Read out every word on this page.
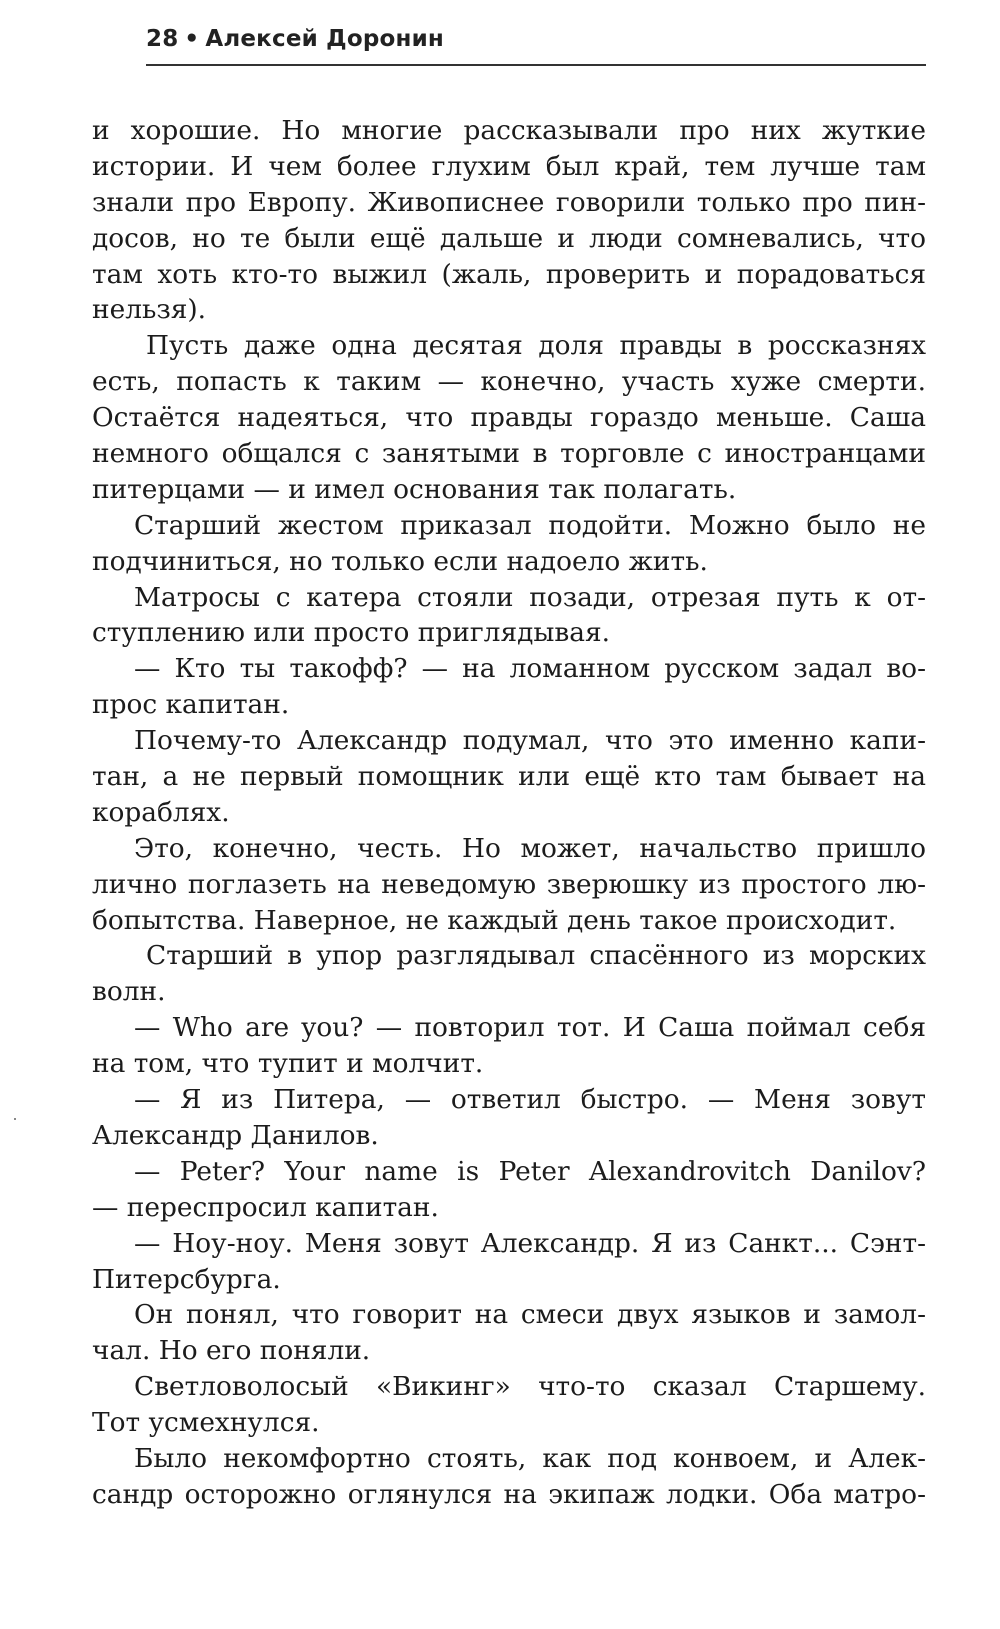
28 • Алексей Доронин
и хорошие. Но многие рассказывали про них жуткие
истории. И чем более глухим был край, тем лучше там
знали про Европу. Живописнее говорили только про пин-
досов, но те были ещё дальше и люди сомневались, что
там хоть кто-то выжил (жаль, проверить и порадоваться
нельзя).
Пусть даже одна десятая доля правды в россказнях
есть, попасть к таким — конечно, участь хуже смерти.
Остаётся надеяться, что правды гораздо меньше. Саша
немного общался с занятыми в торговле с иностранцами
питерцами — и имел основания так полагать.
Старший жестом приказал подойти. Можно было не
подчиниться, но только если надоело жить.
Матросы с катера стояли позади, отрезая путь к от-
ступлению или просто приглядывая.
— Кто ты такофф? — на ломанном русском задал во-
прос капитан.
Почему-то Александр подумал, что это именно капи-
тан, а не первый помощник или ещё кто там бывает на
кораблях.
Это, конечно, честь. Но может, начальство пришло
лично поглазеть на неведомую зверюшку из простого лю-
бопытства. Наверное, не каждый день такое происходит.
Старший в упор разглядывал спасённого из морских
волн.
— Who are you? — повторил тот. И Саша поймал себя
на том, что тупит и молчит.
— Я из Питера, — ответил быстро. — Меня зовут
Александр Данилов.
— Peter? Your name is Peter Alexandrovitch Danilov?
— переспросил капитан.
— Ноу-ноу. Меня зовут Александр. Я из Санкт... Сэнт-
Питерсбурга.
Он понял, что говорит на смеси двух языков и замол-
чал. Но его поняли.
Светловолосый «Викинг» что-то сказал Старшему.
Тот усмехнулся.
Было некомфортно стоять, как под конвоем, и Алек-
сандр осторожно оглянулся на экипаж лодки. Оба матро-
